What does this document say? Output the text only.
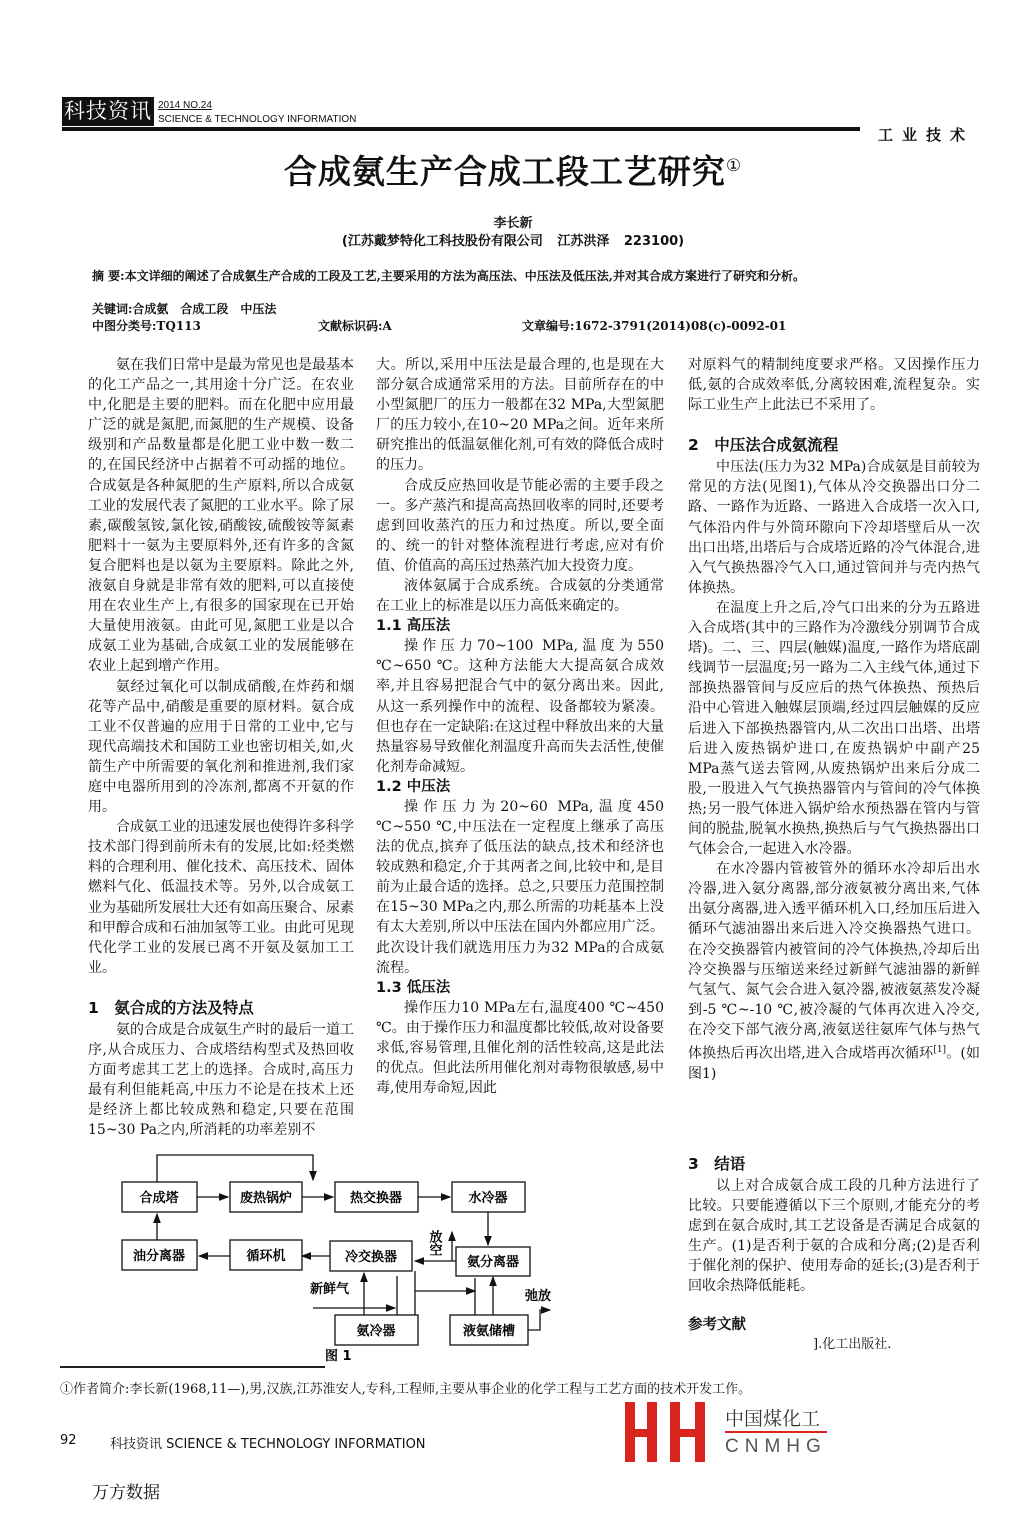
科技资讯 2014 NO.24
SCIENCE & TECHNOLOGY INFORMATION
工业技术
合成氨生产合成工段工艺研究①
李长新
(江苏戴梦特化工科技股份有限公司 江苏洪泽 223100)
摘 要:本文详细的阐述了合成氨生产合成的工段及工艺,主要采用的方法为高压法、中压法及低压法,并对其合成方案进行了研究和分析。
关键词:合成氨　合成工段　中压法
中图分类号:TQ113	文献标识码:A	文章编号:1672-3791(2014)08(c)-0092-01

氨在我们日常中是最为常见也是最基本的化工产品之一,其用途十分广泛。在农业中,化肥是主要的肥料。而在化肥中应用最广泛的就是氮肥,而氮肥的生产规模、设备级别和产品数量都是化肥工业中数一数二的,在国民经济中占据着不可动摇的地位。合成氨是各种氮肥的生产原料,所以合成氨工业的发展代表了氮肥的工业水平。除了尿素,碳酸氢铵,氯化铵,硝酸铵,硫酸铵等氮素肥料十一氨为主要原料外,还有许多的含氮复合肥料也是以氨为主要原料。除此之外,液氨自身就是非常有效的肥料,可以直接使用在农业生产上,有很多的国家现在已开始大量使用液氨。由此可见,氮肥工业是以合成氨工业为基础,合成氨工业的发展能够在农业上起到增产作用。

氨经过氧化可以制成硝酸,在炸药和烟花等产品中,硝酸是重要的原材料。氨合成工业不仅普遍的应用于日常的工业中,它与现代高端技术和国防工业也密切相关,如,火箭生产中所需要的氧化剂和推进剂,我们家庭中电器所用到的冷冻剂,都离不开氨的作用。

合成氨工业的迅速发展也使得许多科学技术部门得到前所未有的发展,比如:烃类燃料的合理利用、催化技术、高压技术、固体燃料气化、低温技术等。另外,以合成氨工业为基础所发展壮大还有如高压聚合、尿素和甲醇合成和石油加氢等工业。由此可见现代化学工业的发展已离不开氨及氨加工工业。

1　氨合成的方法及特点

氨的合成是合成氨生产时的最后一道工序,从合成压力、合成塔结构型式及热回收方面考虑其工艺上的选择。合成时,高压力最有利但能耗高,中压力不论是在技术上还是经济上都比较成熟和稳定,只要在范围15~30 Pa之内,所消耗的功率差别不

大。所以,采用中压法是最合理的,也是现在大部分氨合成通常采用的方法。目前所存在的中小型氮肥厂的压力一般都在32 MPa,大型氮肥厂的压力较小,在10~20 MPa之间。近年来所研究推出的低温氨催化剂,可有效的降低合成时的压力。

合成反应热回收是节能必需的主要手段之一。多产蒸汽和提高高热回收率的同时,还要考虑到回收蒸汽的压力和过热度。所以,要全面的、统一的针对整体流程进行考虑,应对有价值、价值高的高压过热蒸汽加大投资力度。

液体氨属于合成系统。合成氨的分类通常在工业上的标准是以压力高低来确定的。

1.1 高压法

操作压力70~100 MPa,温度为550 ℃~650 ℃。这种方法能大大提高氨合成效率,并且容易把混合气中的氨分离出来。因此,从这一系列操作中的流程、设备都较为紧凑。但也存在一定缺陷:在这过程中释放出来的大量热量容易导致催化剂温度升高而失去活性,使催化剂寿命减短。

1.2 中压法

操作压力为20~60 MPa,温度450 ℃~550 ℃,中压法在一定程度上继承了高压法的优点,摈弃了低压法的缺点,技术和经济也较成熟和稳定,介于其两者之间,比较中和,是目前为止最合适的选择。总之,只要压力范围控制在15~30 MPa之内,那么所需的功耗基本上没有太大差别,所以中压法在国内外都应用广泛。此次设计我们就选用压力为32 MPa的合成氨流程。

1.3 低压法

操作压力10 MPa左右,温度400 ℃~450 ℃。由于操作压力和温度都比较低,故对设备要求低,容易管理,且催化剂的活性较高,这是此法的优点。但此法所用催化剂对毒物很敏感,易中毒,使用寿命短,因此

对原料气的精制纯度要求严格。又因操作压力低,氨的合成效率低,分离较困难,流程复杂。实际工业生产上此法已不采用了。

2　中压法合成氨流程

中压法(压力为32 MPa)合成氨是目前较为常见的方法(见图1),气体从冷交换器出口分二路、一路作为近路、一路进入合成塔一次入口,气体沿内件与外筒环隙向下冷却塔壁后从一次出口出塔,出塔后与合成塔近路的冷气体混合,进入气气换热器冷气入口,通过管间并与壳内热气体换热。

在温度上升之后,冷气口出来的分为五路进入合成塔(其中的三路作为冷激线分别调节合成塔)。二、三、四层(触媒)温度,一路作为塔底副线调节一层温度;另一路为二入主线气体,通过下部换热器管间与反应后的热气体换热、预热后沿中心管进入触媒层顶端,经过四层触媒的反应后进入下部换热器管内,从二次出口出塔、出塔后进入废热锅炉进口,在废热锅炉中副产25 MPa蒸气送去管网,从废热锅炉出来后分成二股,一股进入气气换热器管内与管间的冷气体换热;另一股气体进入锅炉给水预热器在管内与管间的脱盐,脱氧水换热,换热后与气气换热器出口气体会合,一起进入水冷器。

在水冷器内管被管外的循环水冷却后出水冷器,进入氨分离器,部分液氨被分离出来,气体出氨分离器,进入透平循环机入口,经加压后进入循环气滤油器出来后进入冷交换器热气进口。在冷交换器管内被管间的冷气体换热,冷却后出冷交换器与压缩送来经过新鲜气滤油器的新鲜气氢气、氮气会合进入氨冷器,被液氨蒸发冷凝到-5 ℃~-10 ℃,被冷凝的气体再次进入冷交,在冷交下部气液分离,液氨送往氨库气体与热气体换热后再次出塔,进入合成塔再次循环[1]。(如图1)

3　结语

以上对合成氨合成工段的几种方法进行了比较。只要能遵循以下三个原则,才能充分的考虑到在氨合成时,其工艺设备是否满足合成氨的生产。(1)是否利于氨的合成和分离;(2)是否利于催化剂的保护、使用寿命的延长;(3)是否利于回收余热降低能耗。

参考文献
].化工出版社.
合成塔	废热锅炉	热交换器	水冷器
油分离器	循环机	冷交换器	氨分离器
氨冷器	液氨储槽
放空
新鲜气	弛放
图 1
①作者简介:李长新(1968,11—),男,汉族,江苏淮安人,专科,工程师,主要从事企业的化学工程与工艺方面的技术开发工作。
92	科技资讯 SCIENCE & TECHNOLOGY INFORMATION
万方数据
中国煤化工
CNMHG
